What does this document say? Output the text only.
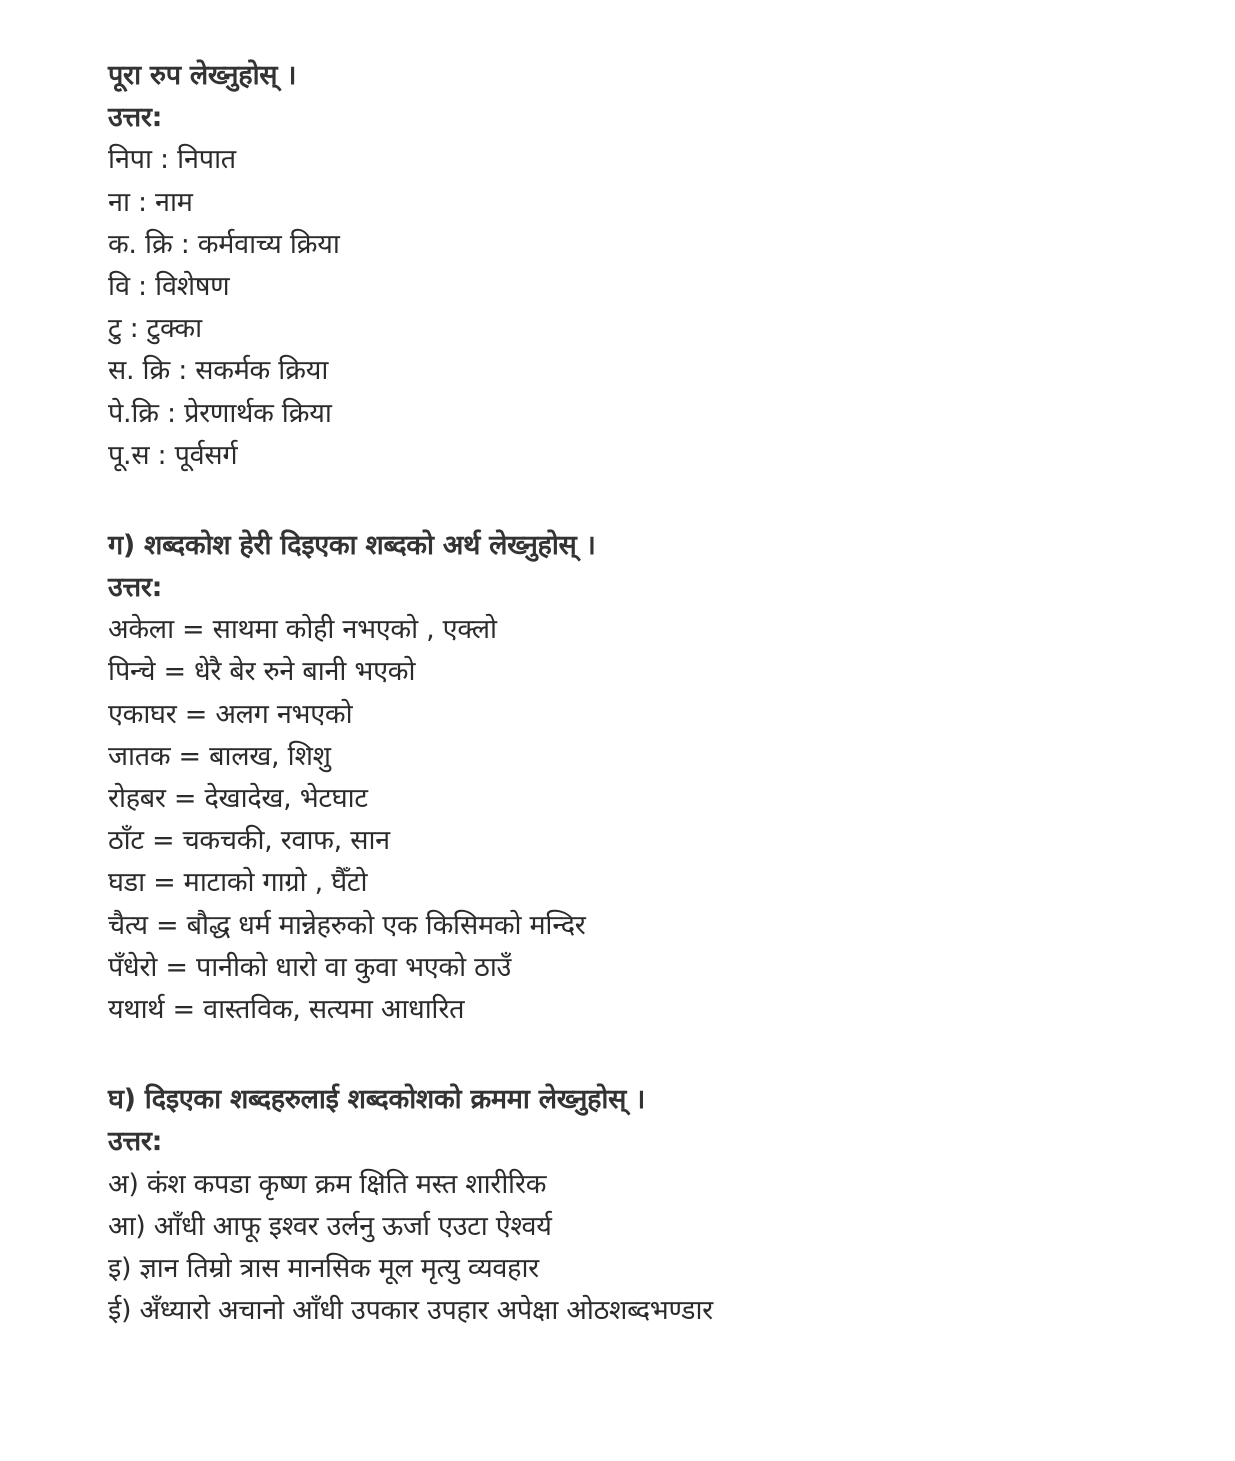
पूरा रुप लेख्नुहोस् ।
उत्तर:
निपा : निपात
ना : नाम
क. क्रि : कर्मवाच्य क्रिया
वि : विशेषण
टु : टुक्का
स. क्रि : सकर्मक क्रिया
पे.क्रि : प्रेरणार्थक क्रिया
पू.स : पूर्वसर्ग
ग) शब्दकोश हेरी दिइएका शब्दको अर्थ लेख्नुहोस् ।
उत्तर:
अकेला = साथमा कोही नभएको , एक्लो
पिन्चे = धेरै बेर रुने बानी भएको
एकाघर = अलग नभएको
जातक = बालख, शिशु
रोहबर = देखादेख, भेटघाट
ठाँट = चकचकी, रवाफ, सान
घडा = माटाको गाग्रो , घैँटो
चैत्य = बौद्ध धर्म मान्नेहरुको एक किसिमको मन्दिर
पँधेरो = पानीको धारो वा कुवा भएको ठाउँ
यथार्थ = वास्तविक, सत्यमा आधारित
घ) दिइएका शब्दहरुलाई शब्दकोशको क्रममा लेख्नुहोस् ।
उत्तर:
अ) कंश कपडा कृष्ण क्रम क्षिति मस्त शारीरिक
आ) आँधी आफू इश्वर उर्लनु ऊर्जा एउटा ऐश्वर्य
इ) ज्ञान तिम्रो त्रास मानसिक मूल मृत्यु व्यवहार
ई) अँध्यारो अचानो आँधी उपकार उपहार अपेक्षा ओठशब्दभण्डार
